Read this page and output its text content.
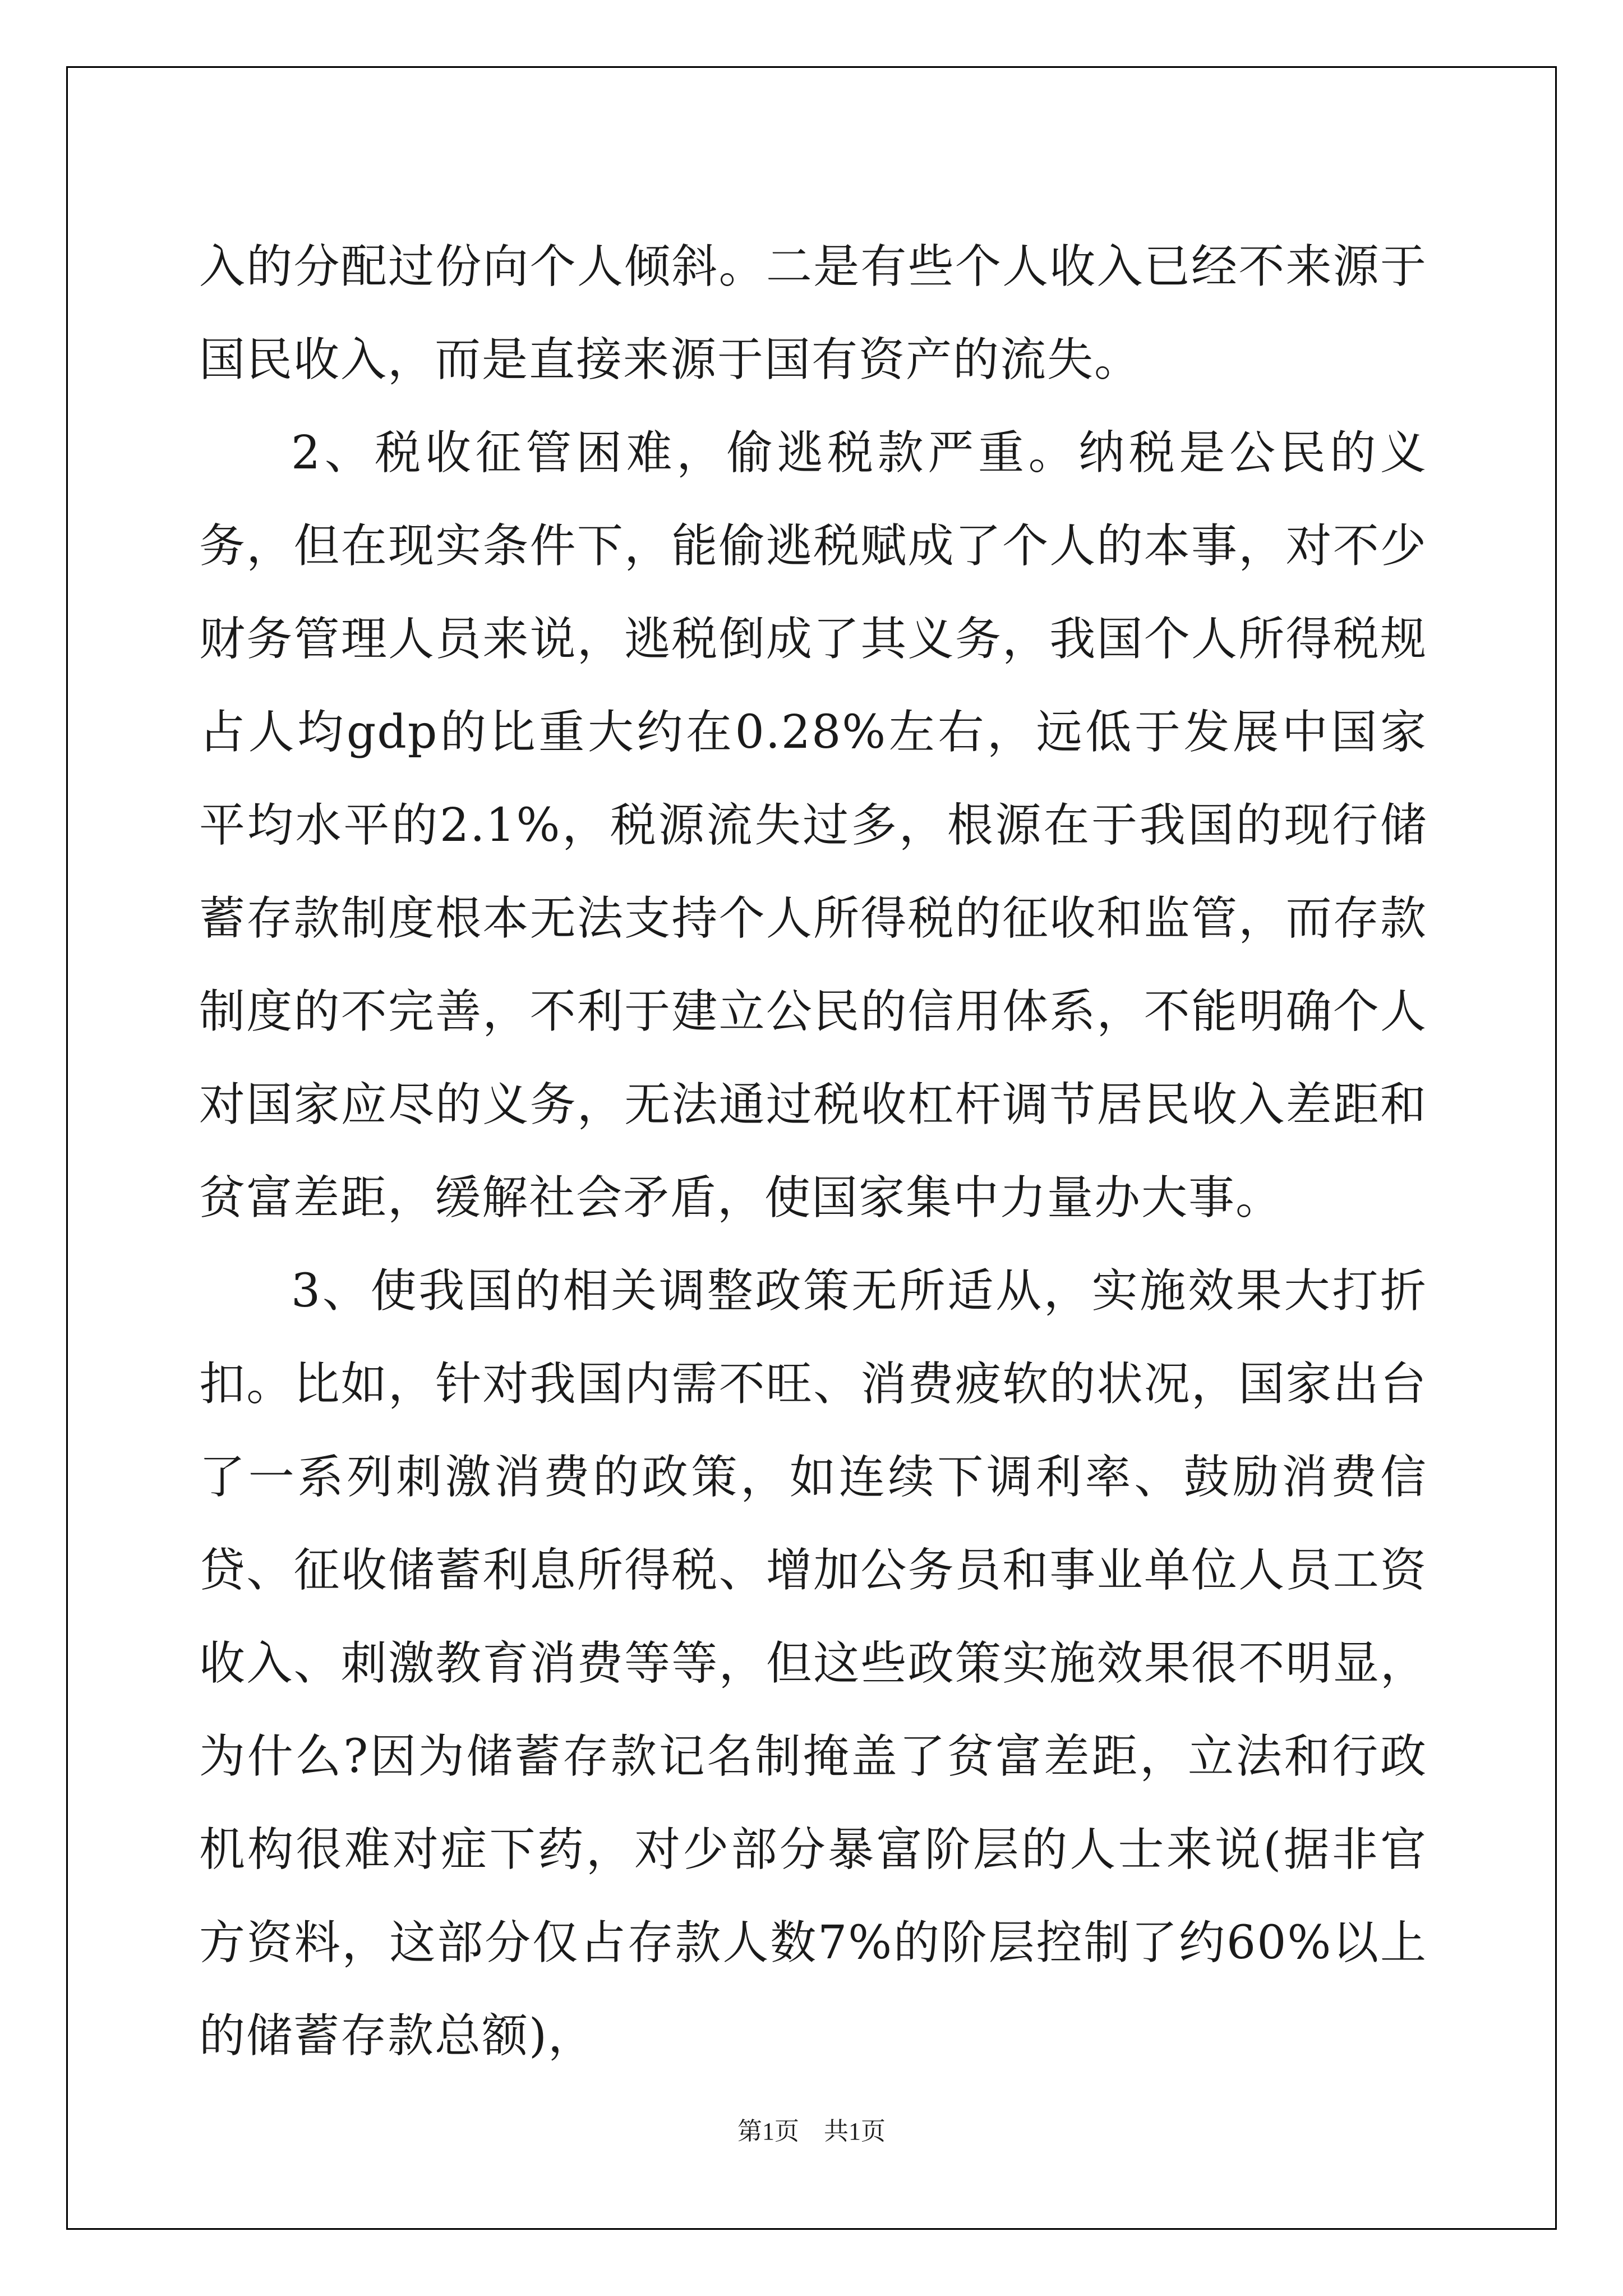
入的分配过份向个人倾斜。二是有些个人收入已经不来源于国民收入，而是直接来源于国有资产的流失。

2、税收征管困难，偷逃税款严重。纳税是公民的义务，但在现实条件下，能偷逃税赋成了个人的本事，对不少财务管理人员来说，逃税倒成了其义务，我国个人所得税规占人均gdp的比重大约在0.28%左右，远低于发展中国家平均水平的2.1%，税源流失过多，根源在于我国的现行储蓄存款制度根本无法支持个人所得税的征收和监管，而存款制度的不完善，不利于建立公民的信用体系，不能明确个人对国家应尽的义务，无法通过税收杠杆调节居民收入差距和贫富差距，缓解社会矛盾，使国家集中力量办大事。

3、使我国的相关调整政策无所适从，实施效果大打折扣。比如，针对我国内需不旺、消费疲软的状况，国家出台了一系列刺激消费的政策，如连续下调利率、鼓励消费信贷、征收储蓄利息所得税、增加公务员和事业单位人员工资收入、刺激教育消费等等，但这些政策实施效果很不明显，为什么?因为储蓄存款记名制掩盖了贫富差距，立法和行政机构很难对症下药，对少部分暴富阶层的人士来说(据非官方资料，这部分仅占存款人数7%的阶层控制了约60%以上的储蓄存款总额)，

第1页　共1页
